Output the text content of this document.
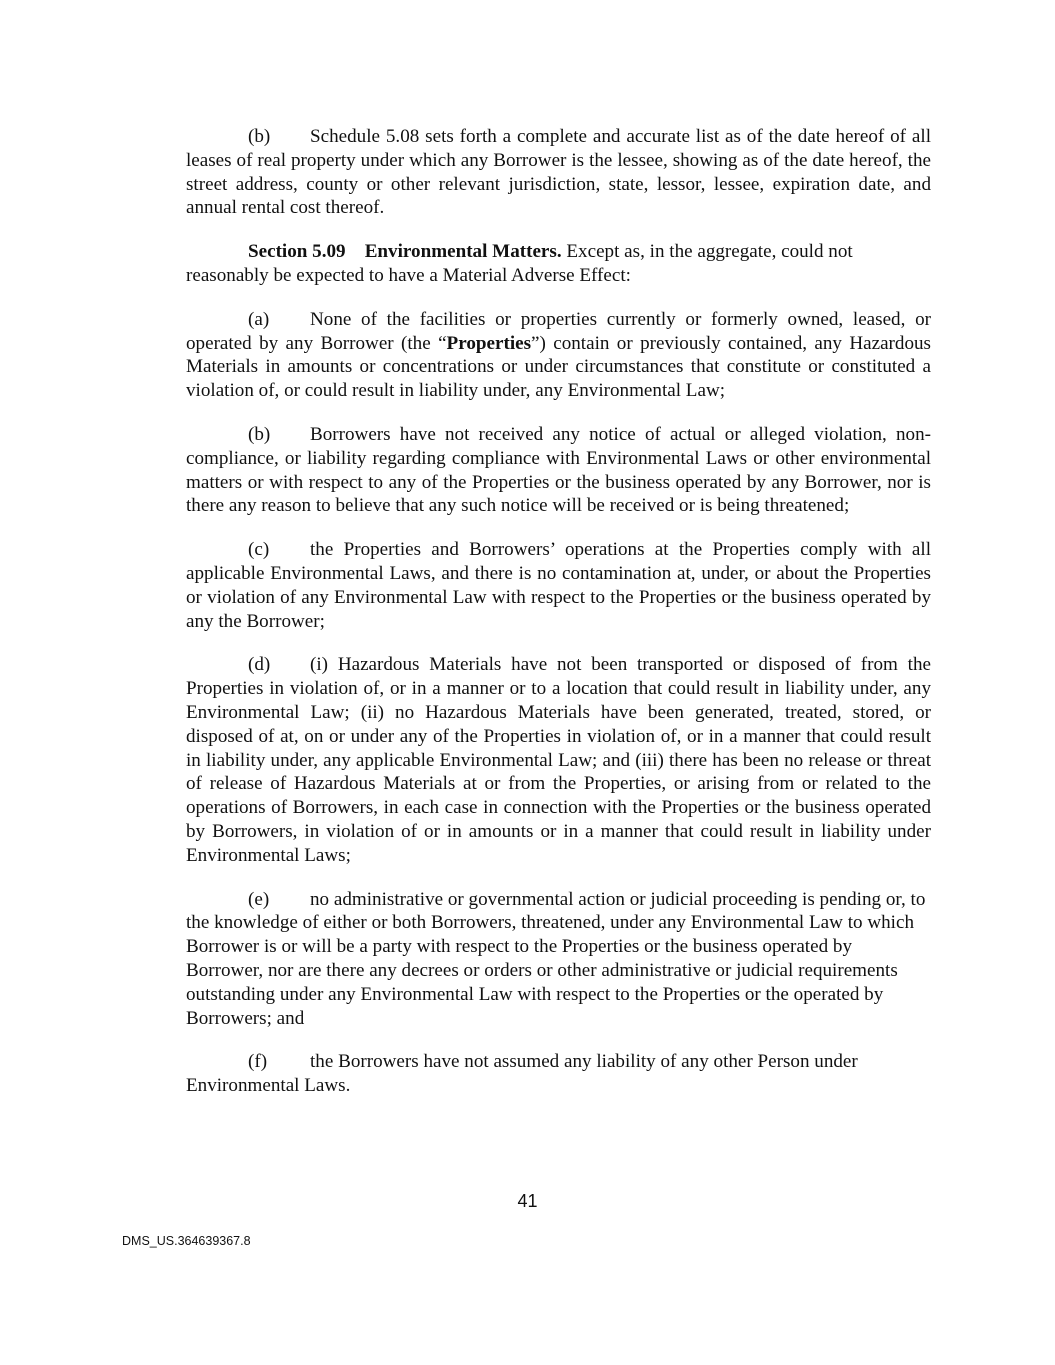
(b) Schedule 5.08 sets forth a complete and accurate list as of the date hereof of all leases of real property under which any Borrower is the lessee, showing as of the date hereof, the street address, county or other relevant jurisdiction, state, lessor, lessee, expiration date, and annual rental cost thereof.

Section 5.09 Environmental Matters. Except as, in the aggregate, could not reasonably be expected to have a Material Adverse Effect:

(a) None of the facilities or properties currently or formerly owned, leased, or operated by any Borrower (the “Properties”) contain or previously contained, any Hazardous Materials in amounts or concentrations or under circumstances that constitute or constituted a violation of, or could result in liability under, any Environmental Law;

(b) Borrowers have not received any notice of actual or alleged violation, non-compliance, or liability regarding compliance with Environmental Laws or other environmental matters or with respect to any of the Properties or the business operated by any Borrower, nor is there any reason to believe that any such notice will be received or is being threatened;

(c) the Properties and Borrowers’ operations at the Properties comply with all applicable Environmental Laws, and there is no contamination at, under, or about the Properties or violation of any Environmental Law with respect to the Properties or the business operated by any the Borrower;

(d) (i) Hazardous Materials have not been transported or disposed of from the Properties in violation of, or in a manner or to a location that could result in liability under, any Environmental Law; (ii) no Hazardous Materials have been generated, treated, stored, or disposed of at, on or under any of the Properties in violation of, or in a manner that could result in liability under, any applicable Environmental Law; and (iii) there has been no release or threat of release of Hazardous Materials at or from the Properties, or arising from or related to the operations of Borrowers, in each case in connection with the Properties or the business operated by Borrowers, in violation of or in amounts or in a manner that could result in liability under Environmental Laws;

(e) no administrative or governmental action or judicial proceeding is pending or, to the knowledge of either or both Borrowers, threatened, under any Environmental Law to which Borrower is or will be a party with respect to the Properties or the business operated by Borrower, nor are there any decrees or orders or other administrative or judicial requirements outstanding under any Environmental Law with respect to the Properties or the operated by Borrowers; and

(f) the Borrowers have not assumed any liability of any other Person under Environmental Laws.

41
DMS_US.364639367.8
